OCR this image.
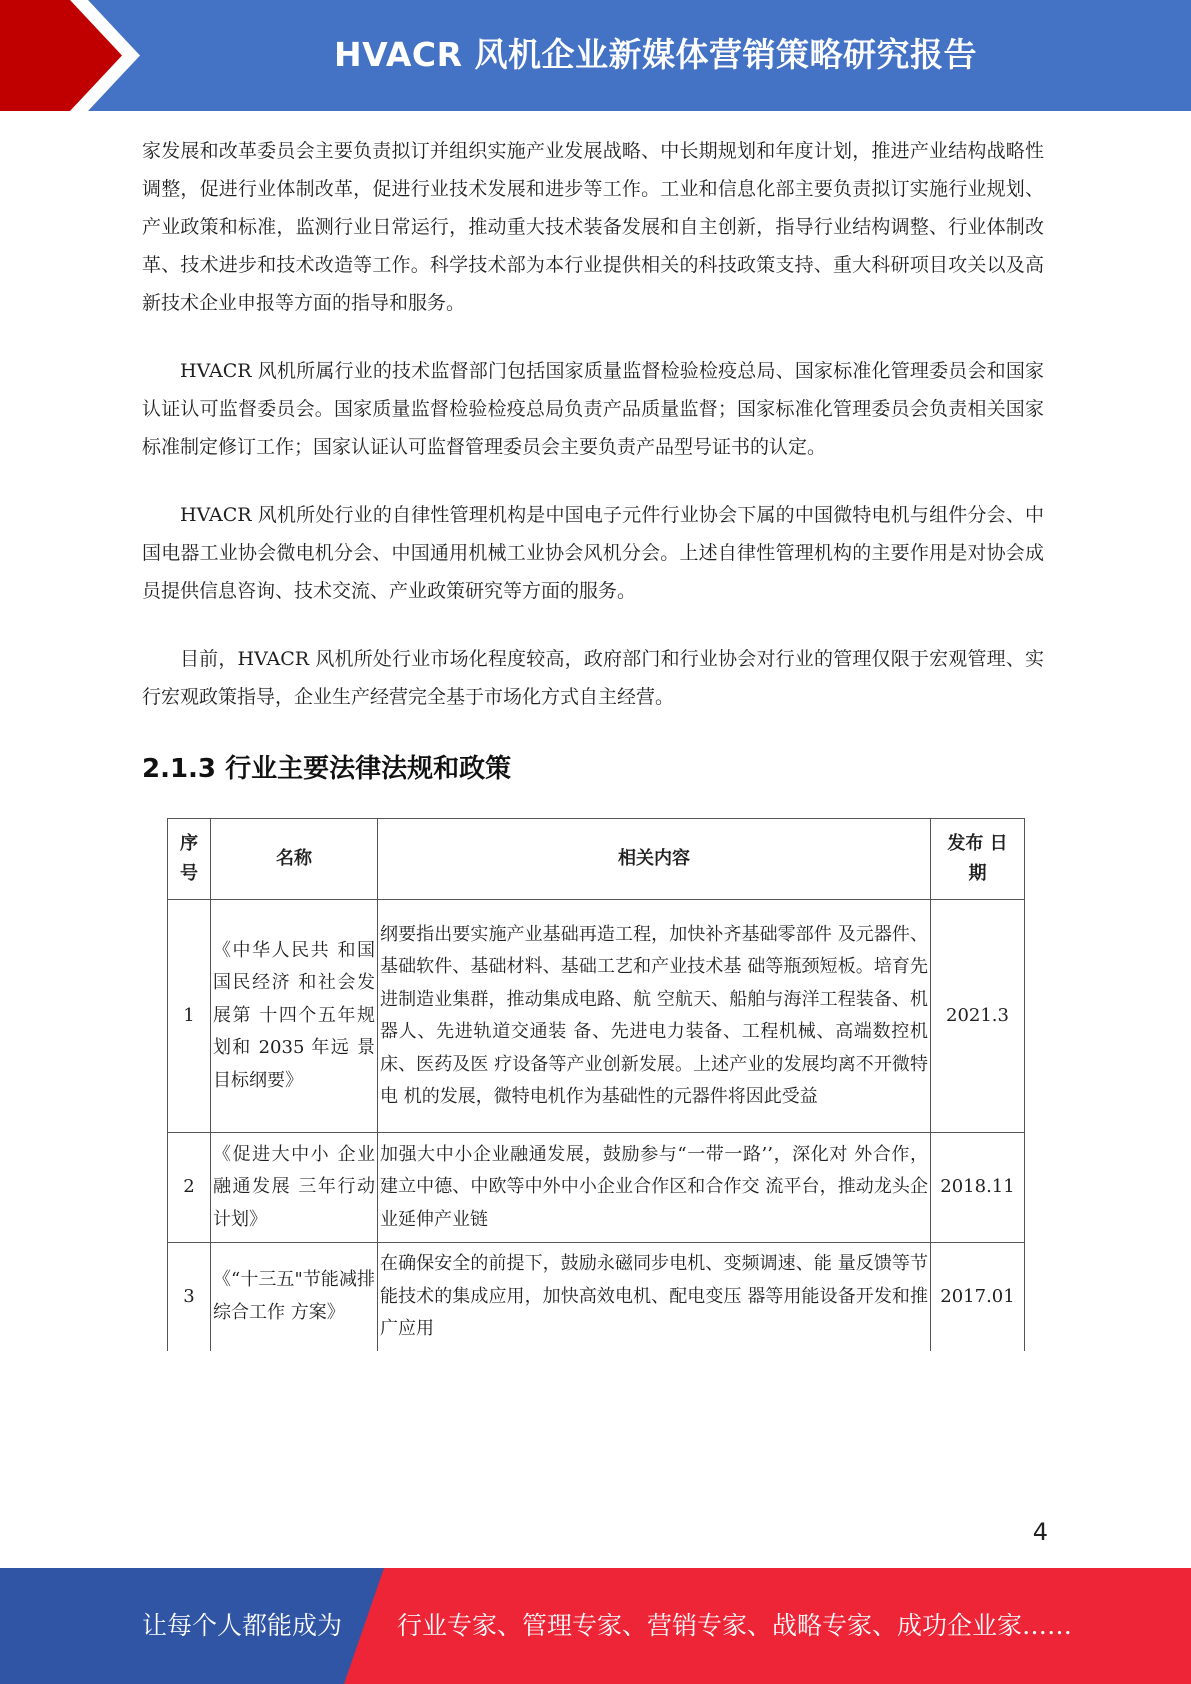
HVACR 风机企业新媒体营销策略研究报告

家发展和改革委员会主要负责拟订并组织实施产业发展战略、中长期规划和年度计划，推进产业结构战略性调整，促进行业体制改革，促进行业技术发展和进步等工作。工业和信息化部主要负责拟订实施行业规划、产业政策和标准，监测行业日常运行，推动重大技术装备发展和自主创新，指导行业结构调整、行业体制改革、技术进步和技术改造等工作。科学技术部为本行业提供相关的科技政策支持、重大科研项目攻关以及高新技术企业申报等方面的指导和服务。

HVACR 风机所属行业的技术监督部门包括国家质量监督检验检疫总局、国家标准化管理委员会和国家认证认可监督委员会。国家质量监督检验检疫总局负责产品质量监督；国家标准化管理委员会负责相关国家标准制定修订工作；国家认证认可监督管理委员会主要负责产品型号证书的认定。

HVACR 风机所处行业的自律性管理机构是中国电子元件行业协会下属的中国微特电机与组件分会、中国电器工业协会微电机分会、中国通用机械工业协会风机分会。上述自律性管理机构的主要作用是对协会成员提供信息咨询、技术交流、产业政策研究等方面的服务。

目前，HVACR 风机所处行业市场化程度较高，政府部门和行业协会对行业的管理仅限于宏观管理、实行宏观政策指导，企业生产经营完全基于市场化方式自主经营。

2.1.3 行业主要法律法规和政策
序号	名称	相关内容	发布 日期
1	《中华人民共 和国国民经济 和社会发展第 十四个五年规 划和 2035 年远 景目标纲要》	纲要指出要实施产业基础再造工程，加快补齐基础零部件 及元器件、基础软件、基础材料、基础工艺和产业技术基 础等瓶颈短板。培育先进制造业集群，推动集成电路、航 空航天、船舶与海洋工程装备、机器人、先进轨道交通装 备、先进电力装备、工程机械、高端数控机床、医药及医 疗设备等产业创新发展。上述产业的发展均离不开微特电 机的发展，微特电机作为基础性的元器件将因此受益	2021.3
2	《促进大中小 企业融通发展 三年行动计划》	加强大中小企业融通发展，鼓励参与“一带一路’’，深化对 外合作，建立中德、中欧等中外中小企业合作区和合作交 流平台，推动龙头企业延伸产业链	2018.11
3	《“十三五"节能减排综合工作 方案》	在确保安全的前提下，鼓励永磁同步电机、变频调速、能 量反馈等节能技术的集成应用，加快高效电机、配电变压 器等用能设备开发和推广应用	2017.01
4
让每个人都能成为 行业专家、管理专家、营销专家、战略专家、成功企业家……
